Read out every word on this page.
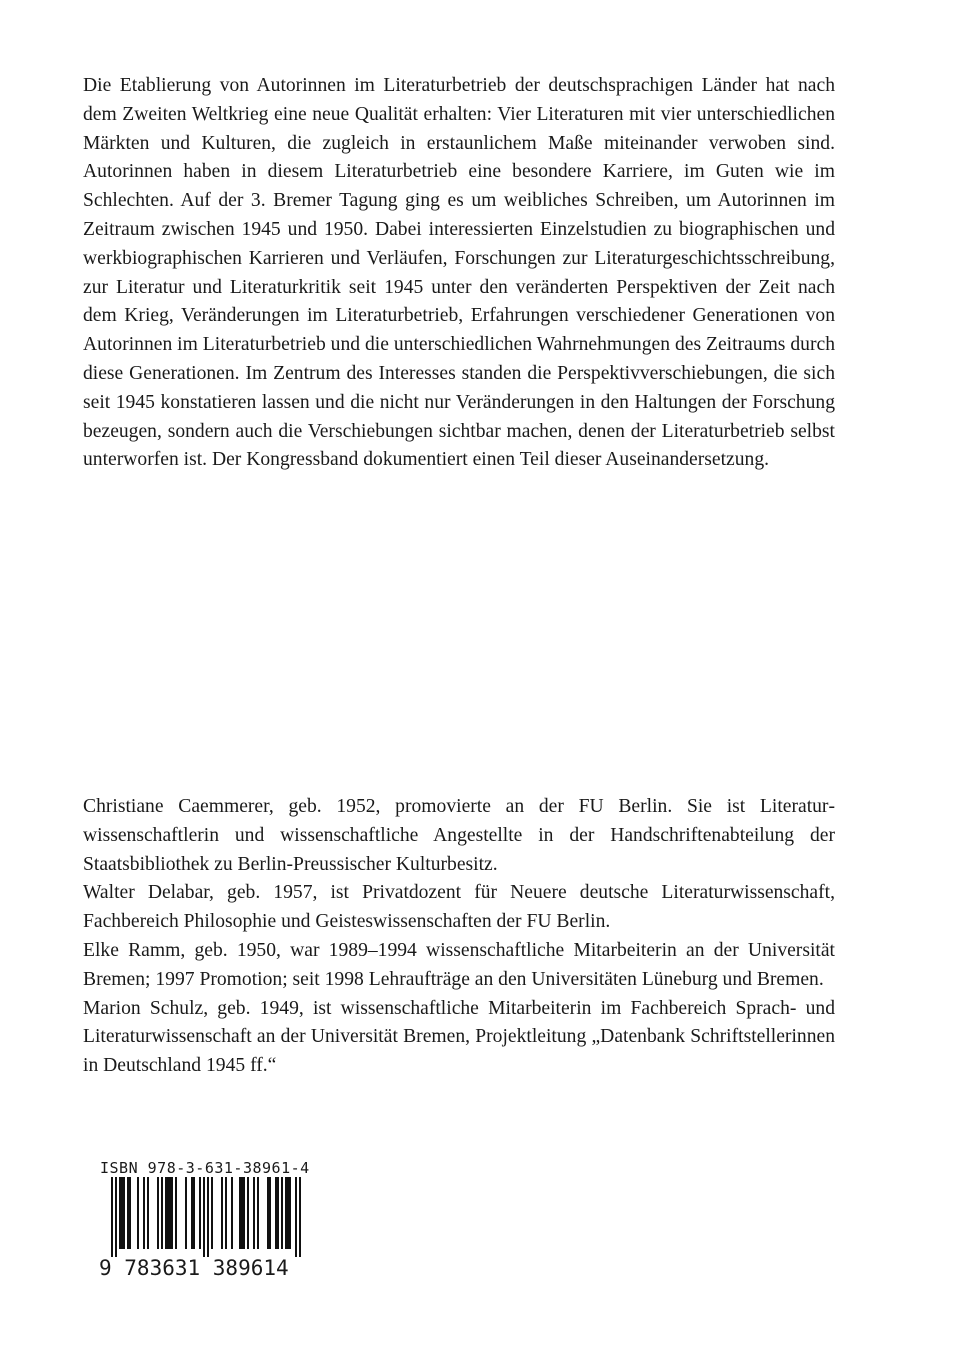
Die Etablierung von Autorinnen im Literaturbetrieb der deutschsprachigen Länder hat nach dem Zweiten Weltkrieg eine neue Qualität erhalten: Vier Literaturen mit vier unterschiedlichen Märkten und Kulturen, die zugleich in erstaunlichem Maße miteinander verwoben sind. Autorinnen haben in diesem Literaturbetrieb eine besondere Karriere, im Guten wie im Schlechten. Auf der 3. Bremer Tagung ging es um weibliches Schreiben, um Autorinnen im Zeitraum zwischen 1945 und 1950. Dabei interessierten Einzelstudien zu biographischen und werkbiographischen Karrieren und Verläufen, Forschungen zur Literaturgeschichtsschreibung, zur Literatur und Literaturkritik seit 1945 unter den veränderten Perspektiven der Zeit nach dem Krieg, Veränderungen im Literaturbetrieb, Erfahrungen verschiedener Generationen von Autorinnen im Literaturbetrieb und die unterschiedlichen Wahrnehmungen des Zeitraums durch diese Generationen. Im Zentrum des Interesses standen die Perspektivverschiebungen, die sich seit 1945 konstatieren lassen und die nicht nur Veränderungen in den Haltungen der Forschung bezeugen, sondern auch die Verschiebungen sichtbar machen, denen der Literaturbetrieb selbst unterworfen ist. Der Kongressband dokumentiert einen Teil dieser Auseinandersetzung.

Christiane Caemmerer, geb. 1952, promovierte an der FU Berlin. Sie ist Literaturwissenschaftlerin und wissenschaftliche Angestellte in der Handschriftenabteilung der Staatsbibliothek zu Berlin-Preussischer Kulturbesitz.

Walter Delabar, geb. 1957, ist Privatdozent für Neuere deutsche Literaturwissenschaft, Fachbereich Philosophie und Geisteswissenschaften der FU Berlin.

Elke Ramm, geb. 1950, war 1989–1994 wissenschaftliche Mitarbeiterin an der Universität Bremen; 1997 Promotion; seit 1998 Lehraufträge an den Universitäten Lüneburg und Bremen.

Marion Schulz, geb. 1949, ist wissenschaftliche Mitarbeiterin im Fachbereich Sprach- und Literaturwissenschaft an der Universität Bremen, Projektleitung „Datenbank Schriftstellerinnen in Deutschland 1945 ff.“

ISBN 978-3-631-38961-4
9 783631 389614
